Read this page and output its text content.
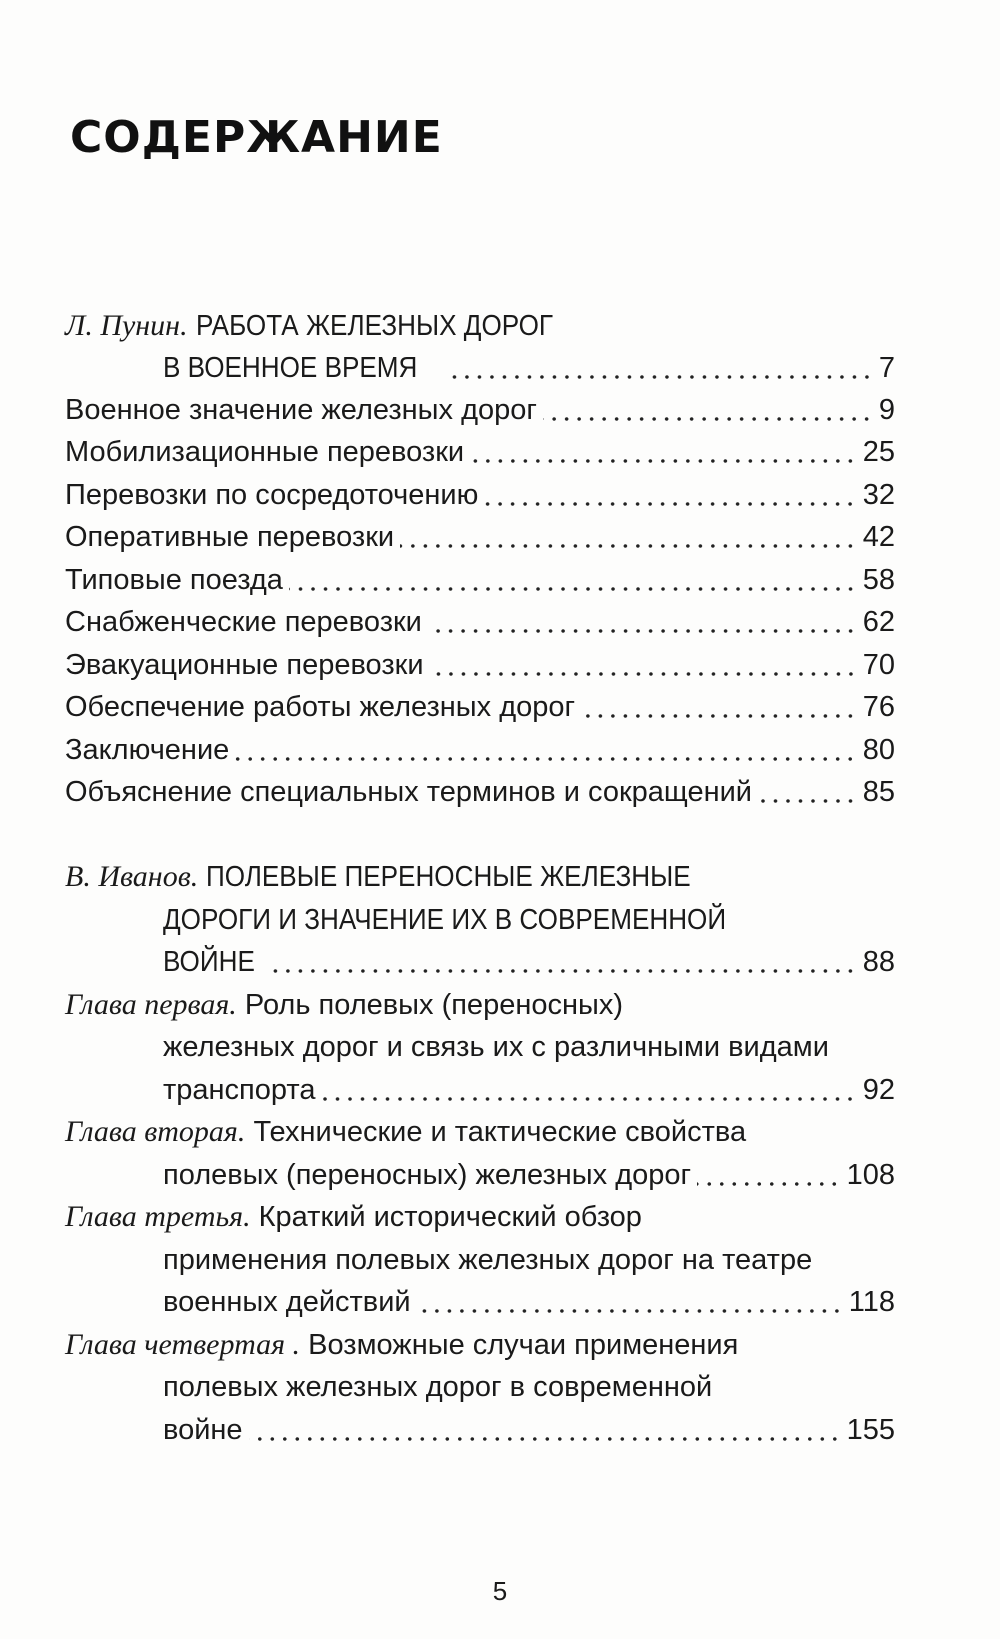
СОДЕРЖАНИЕ
Л. Пунин.
РАБОТА ЖЕЛЕЗНЫХ ДОРОГ
В ВОЕННОЕ ВРЕМЯ	7
Военное значение железных дорог	9
Мобилизационные перевозки	25
Перевозки по сосредоточению	32
Оперативные перевозки	42
Типовые поезда	58
Снабженческие перевозки	62
Эвакуационные перевозки	70
Обеспечение работы железных дорог	76
Заключение	80
Объяснение специальных терминов и сокращений	85
В. Иванов.
ПОЛЕВЫЕ ПЕРЕНОСНЫЕ ЖЕЛЕЗНЫЕ
ДОРОГИ И ЗНАЧЕНИЕ ИХ В СОВРЕМЕННОЙ
ВОЙНЕ	88
Глава первая.
Роль полевых (переносных)
железных дорог и связь их с различными видами
транспорта	92
Глава вторая.
Технические и тактические свойства
полевых (переносных) железных дорог	108
Глава третья.
Краткий исторический обзор
применения полевых железных дорог на театре
военных действий	118
Глава четвертая .
Возможные случаи применения
полевых железных дорог в современной
войне	155
5
